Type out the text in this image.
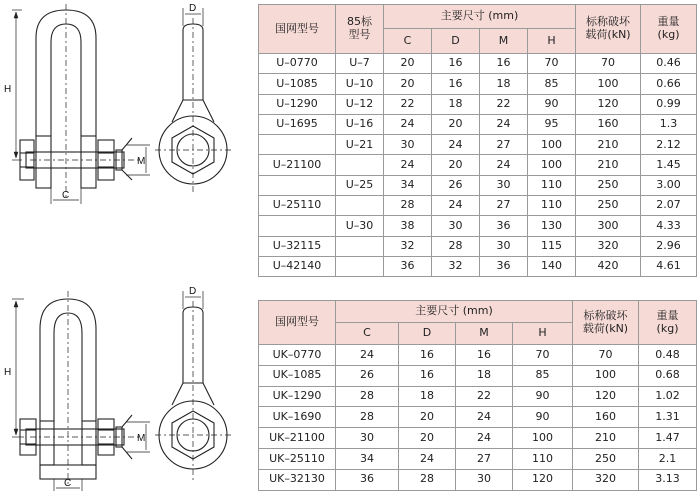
H
C
D
M
国网型号	85标
型号	主要尺寸 (mm)				标称破坏
载荷(kN)	重量
(kg)
		C	D	M	H		
U–0770	U–7	20	16	16	70	70	0.46
U–1085	U–10	20	16	18	85	100	0.66
U–1290	U–12	22	18	22	90	120	0.99
U–1695	U–16	24	20	24	95	160	1.3
	U–21	30	24	27	100	210	2.12
U–21100		24	20	24	100	210	1.45
	U–25	34	26	30	110	250	3.00
U–25110		28	24	27	110	250	2.07
	U–30	38	30	36	130	300	4.33
U–32115		32	28	30	115	320	2.96
U–42140		36	32	36	140	420	4.61
H
C
D
M
国网型号	主要尺寸 (mm)				标称破坏
载荷(kN)	重量
(kg)
	C	D	M	H		
UK–0770	24	16	16	70	70	0.48
UK–1085	26	16	18	85	100	0.68
UK–1290	28	18	22	90	120	1.02
UK–1690	28	20	24	90	160	1.31
UK–21100	30	20	24	100	210	1.47
UK–25110	34	24	27	110	250	2.1
UK–32130	36	28	30	120	320	3.13
